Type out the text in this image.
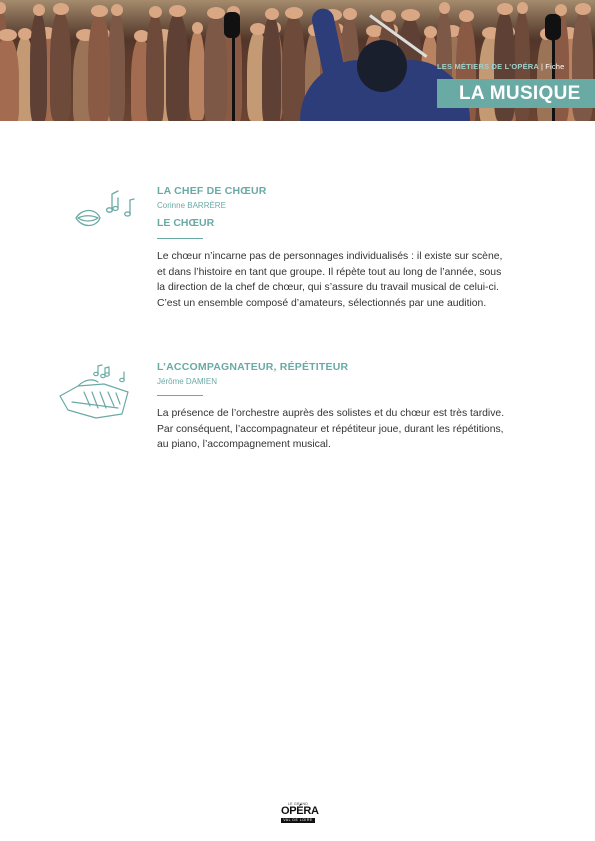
LES MÉTIERS DE L'OPÉRA | Fiche
LA MUSIQUE
LA CHEF DE CHŒUR
Corinne BARRÈRE
LE CHŒUR
Le chœur n’incarne pas de personnages individualisés : il existe sur scène,
et dans l’histoire en tant que groupe. Il répète tout au long de l’année, sous
la direction de la chef de chœur, qui s’assure du travail musical de celui-ci.
C’est un ensemble composé d’amateurs, sélectionnés par une audition.
L’ACCOMPAGNATEUR, RÉPÉTITEUR
Jérôme DAMIEN
La présence de l’orchestre auprès des solistes et du chœur est très tardive.
Par conséquent, l’accompagnateur et répétiteur joue, durant les répétitions,
au piano, l’accompagnement musical.
LE GRAND
OPÉRA
VAL DE LOIRE
